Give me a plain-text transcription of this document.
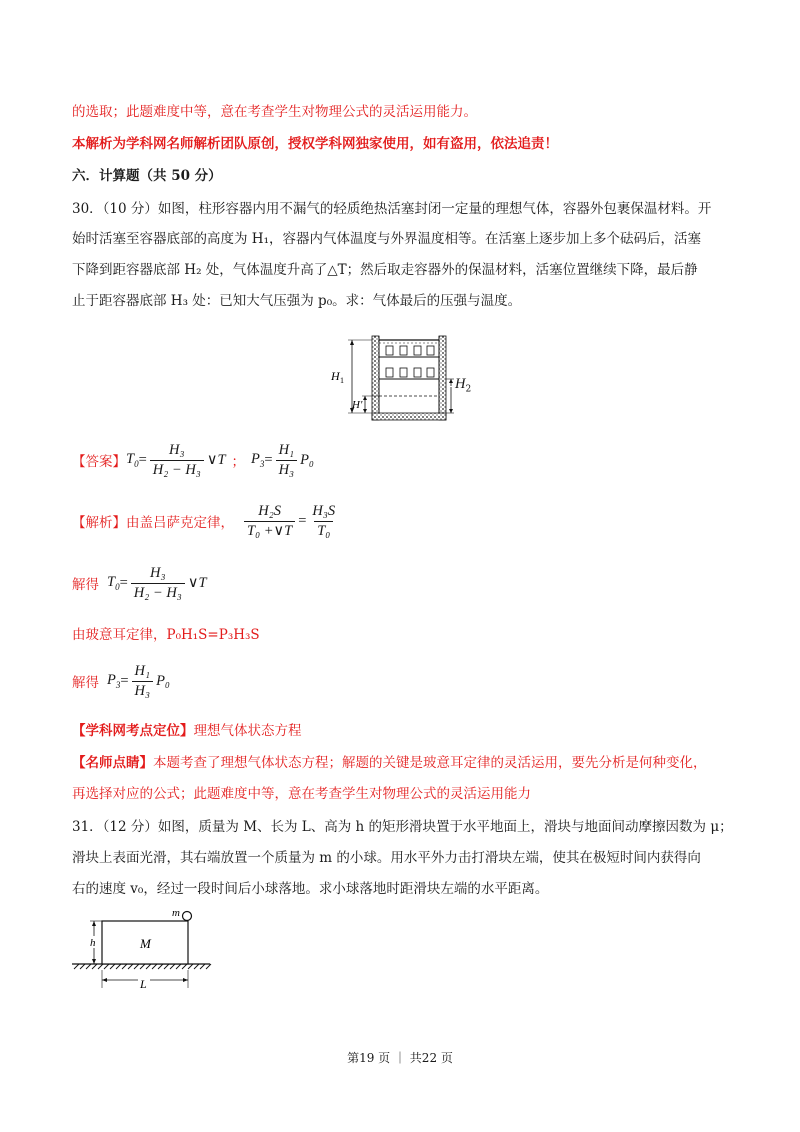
的选取；此题难度中等，意在考查学生对物理公式的灵活运用能力。
本解析为学科网名师解析团队原创，授权学科网独家使用，如有盗用，依法追责！
六．计算题（共 50 分）
30．（10 分）如图，柱形容器内用不漏气的轻质绝热活塞封闭一定量的理想气体，容器外包裹保温材料。开
始时活塞至容器底部的高度为 H₁，容器内气体温度与外界温度相等。在活塞上逐步加上多个砝码后，活塞
下降到距容器底部 H₂ 处，气体温度升高了△T；然后取走容器外的保温材料，活塞位置继续下降，最后静
止于距容器底部 H₃ 处：已知大气压强为 p₀。求：气体最后的压强与温度。
H 1
H'
$H_2$
【答案】 $T_0 = \frac{\text{H₃}}{\text{H₂ − H₃}}$ ∨T ； $P_3 = \frac{\text{H₁}}{\text{H₃}} P_0$
【解析】 由盖吕萨克定律， $\frac{\text{H₂S}}{\text{T₀ +∨T}} = \frac{\text{H₃S}}{\text{T₀}}$
解得 $T_0 = \frac{\text{H₃}}{\text{H₂ − H₃}}$ ∨T
由玻意耳定律，P₀H₁S=P₃H₃S
解得 $P_3 = \frac{\text{H₁}}{\text{H₃}} P_0$
【学科网考点定位】理想气体状态方程
【名师点睛】本题考查了理想气体状态方程；解题的关键是玻意耳定律的灵活运用，要先分析是何种变化，
再选择对应的公式；此题难度中等，意在考查学生对物理公式的灵活运用能力
31．（12 分）如图，质量为 M、长为 L、高为 h 的矩形滑块置于水平地面上，滑块与地面间动摩擦因数为 μ；
滑块上表面光滑，其右端放置一个质量为 m 的小球。用水平外力击打滑块左端，使其在极短时间内获得向
右的速度 v₀，经过一段时间后小球落地。求小球落地时距滑块左端的水平距离。
h	M
m
L
第19 页 ｜ 共22 页
